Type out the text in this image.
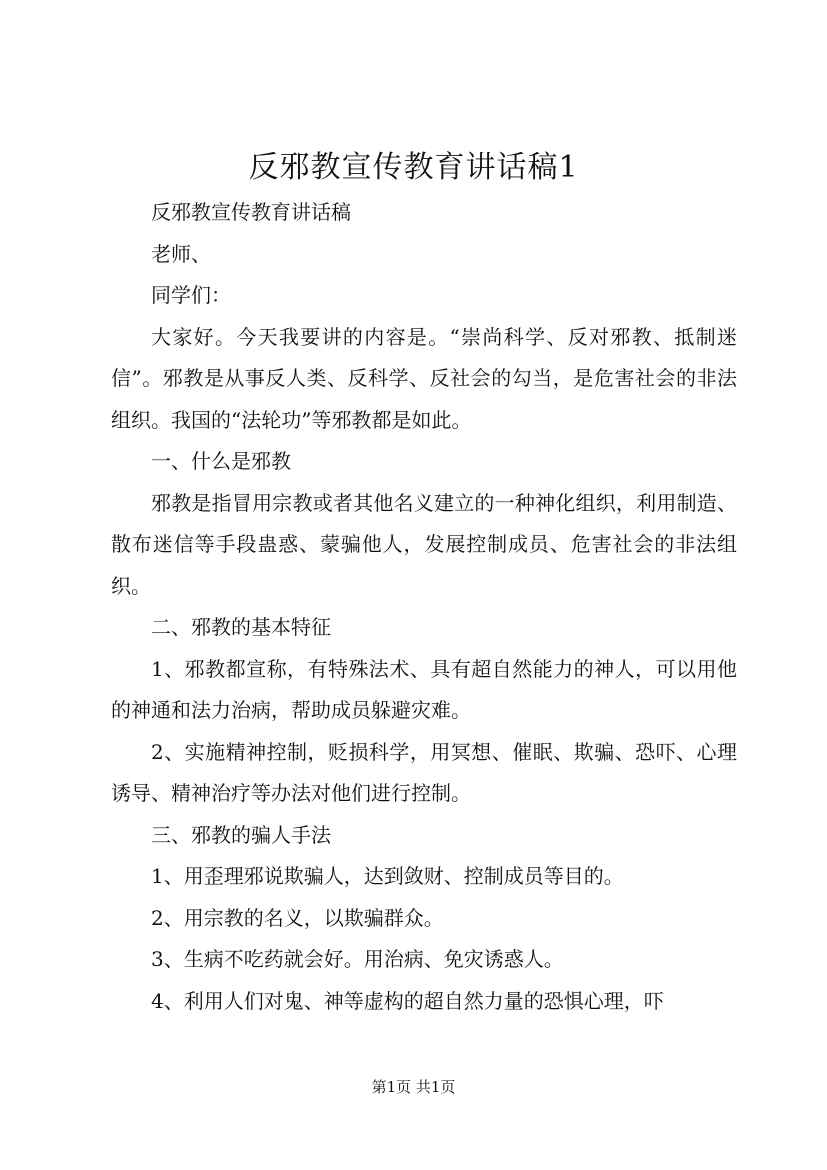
反邪教宣传教育讲话稿1

反邪教宣传教育讲话稿

老师、

同学们：

大家好。今天我要讲的内容是。“崇尚科学、反对邪教、抵制迷信”。邪教是从事反人类、反科学、反社会的勾当，是危害社会的非法组织。我国的“法轮功”等邪教都是如此。

一、什么是邪教

邪教是指冒用宗教或者其他名义建立的一种神化组织，利用制造、散布迷信等手段蛊惑、蒙骗他人，发展控制成员、危害社会的非法组织。

二、邪教的基本特征

1、邪教都宣称，有特殊法术、具有超自然能力的神人，可以用他的神通和法力治病，帮助成员躲避灾难。

2、实施精神控制，贬损科学，用冥想、催眠、欺骗、恐吓、心理诱导、精神治疗等办法对他们进行控制。

三、邪教的骗人手法

1、用歪理邪说欺骗人，达到敛财、控制成员等目的。

2、用宗教的名义，以欺骗群众。

3、生病不吃药就会好。用治病、免灾诱惑人。

4、利用人们对鬼、神等虚构的超自然力量的恐惧心理，吓

第1页 共1页
